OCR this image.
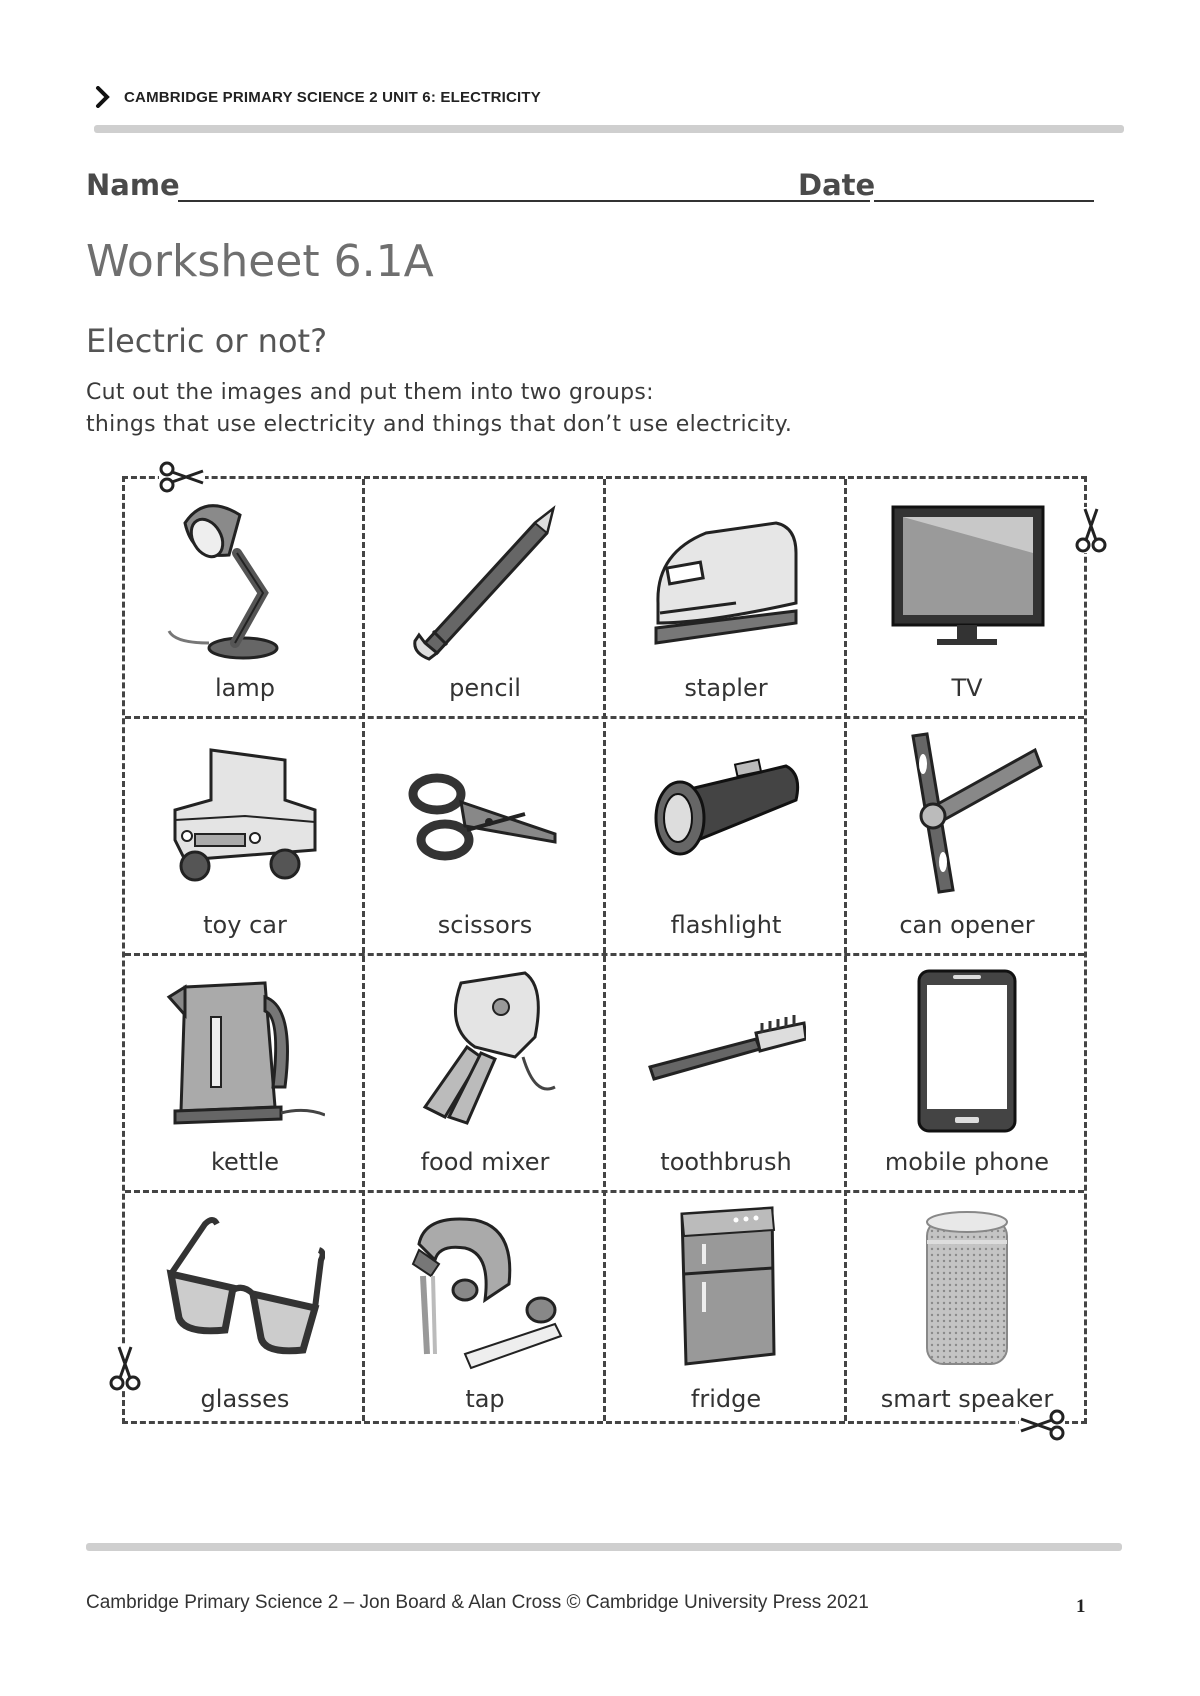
CAMBRIDGE PRIMARY SCIENCE 2 UNIT 6: ELECTRICITY
Name	Date
Worksheet 6.1A
Electric or not?
Cut out the images and put them into two groups:
things that use electricity and things that don’t use electricity.
lamp	pencil	stapler	TV
toy car	scissors	flashlight	can opener
kettle	food mixer	toothbrush	mobile phone
glasses	tap	fridge	smart speaker
Cambridge Primary Science 2 – Jon Board & Alan Cross © Cambridge University Press 2021	1
